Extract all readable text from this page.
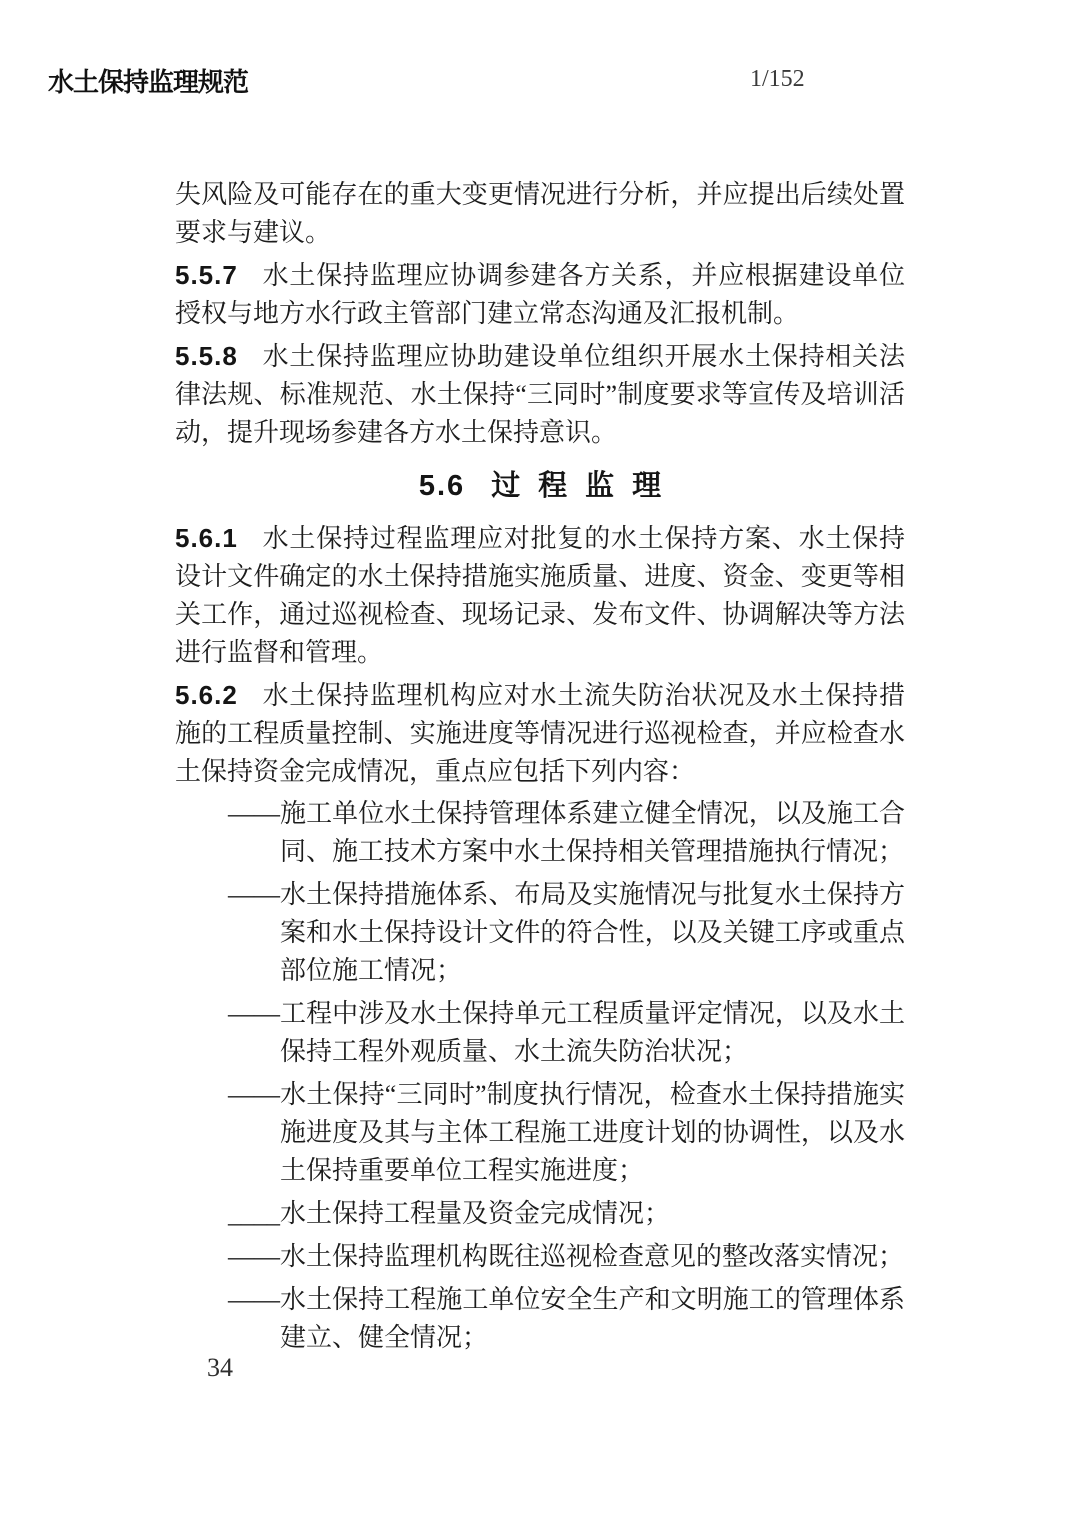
水土保持监理规范	1/152

失风险及可能存在的重大变更情况进行分析，并应提出后续处置要求与建议。

5.5.7 水土保持监理应协调参建各方关系，并应根据建设单位授权与地方水行政主管部门建立常态沟通及汇报机制。

5.5.8 水土保持监理应协助建设单位组织开展水土保持相关法律法规、标准规范、水土保持“三同时”制度要求等宣传及培训活动，提升现场参建各方水土保持意识。

5.6 过程监理

5.6.1 水土保持过程监理应对批复的水土保持方案、水土保持设计文件确定的水土保持措施实施质量、进度、资金、变更等相关工作，通过巡视检查、现场记录、发布文件、协调解决等方法进行监督和管理。

5.6.2 水土保持监理机构应对水土流失防治状况及水土保持措施的工程质量控制、实施进度等情况进行巡视检查，并应检查水土保持资金完成情况，重点应包括下列内容：

——施工单位水土保持管理体系建立健全情况，以及施工合同、施工技术方案中水土保持相关管理措施执行情况；

——水土保持措施体系、布局及实施情况与批复水土保持方案和水土保持设计文件的符合性，以及关键工序或重点部位施工情况；

——工程中涉及水土保持单元工程质量评定情况，以及水土保持工程外观质量、水土流失防治状况；

——水土保持“三同时”制度执行情况，检查水土保持措施实施进度及其与主体工程施工进度计划的协调性，以及水土保持重要单位工程实施进度；

____水土保持工程量及资金完成情况；

——水土保持监理机构既往巡视检查意见的整改落实情况；

——水土保持工程施工单位安全生产和文明施工的管理体系建立、健全情况；

34
